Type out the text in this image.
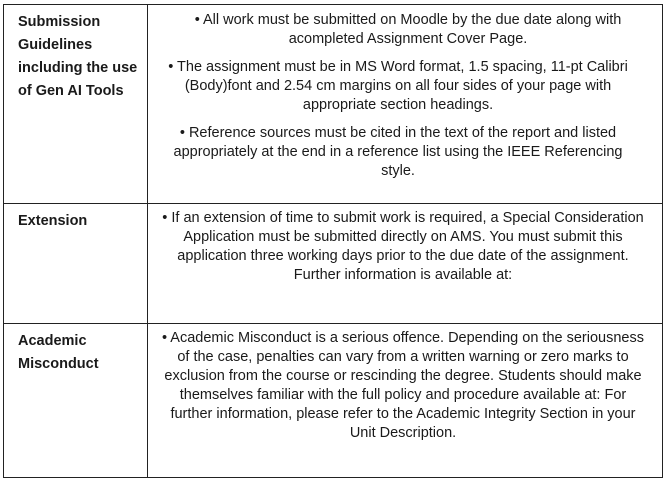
Submission Guidelines including the use of Gen AI Tools	• All work must be submitted on Moodle by the due date along with acompleted Assignment Cover Page.
• The assignment must be in MS Word format, 1.5 spacing, 11-pt Calibri (Body)font and 2.54 cm margins on all four sides of your page with appropriate section headings.
• Reference sources must be cited in the text of the report and listed appropriately at the end in a reference list using the IEEE Referencing style.

Extension	• If an extension of time to submit work is required, a Special Consideration Application must be submitted directly on AMS. You must submit this application three working days prior to the due date of the assignment. Further information is available at:

Academic Misconduct	• Academic Misconduct is a serious offence. Depending on the seriousness of the case, penalties can vary from a written warning or zero marks to exclusion from the course or rescinding the degree. Students should make themselves familiar with the full policy and procedure available at: For further information, please refer to the Academic Integrity Section in your Unit Description.
